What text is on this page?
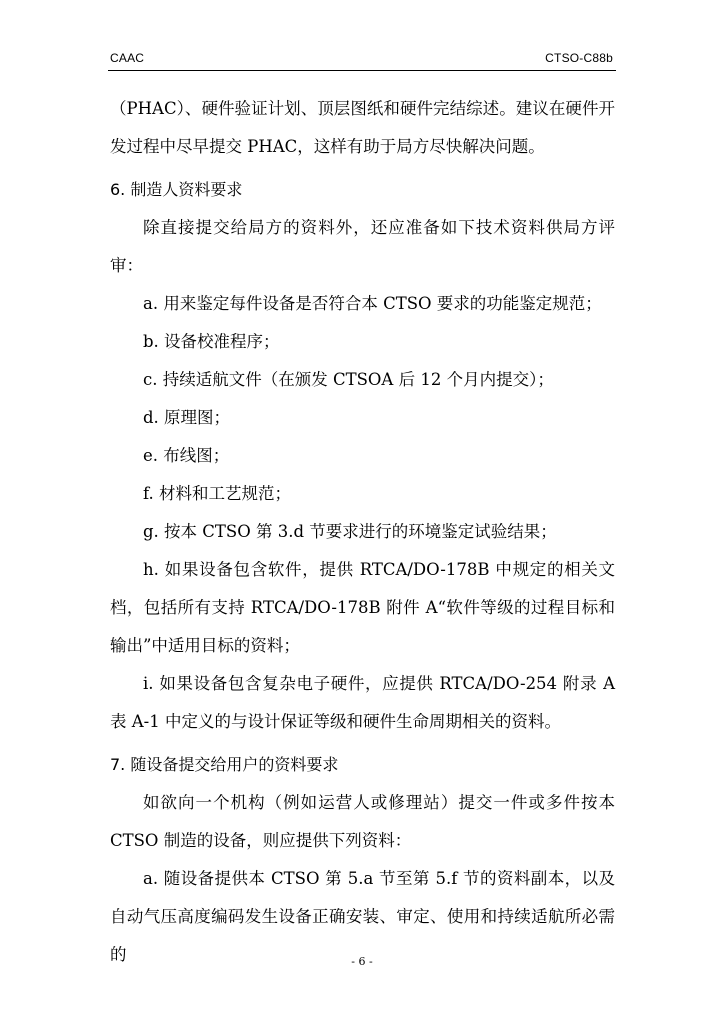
CAAC	CTSO-C88b

（PHAC）、硬件验证计划、顶层图纸和硬件完结综述。建议在硬件开发过程中尽早提交 PHAC，这样有助于局方尽快解决问题。

6. 制造人资料要求

除直接提交给局方的资料外，还应准备如下技术资料供局方评审：

a. 用来鉴定每件设备是否符合本 CTSO 要求的功能鉴定规范；

b. 设备校准程序；

c. 持续适航文件（在颁发 CTSOA 后 12 个月内提交）；

d. 原理图；

e. 布线图；

f. 材料和工艺规范；

g. 按本 CTSO 第 3.d 节要求进行的环境鉴定试验结果；

h. 如果设备包含软件，提供 RTCA/DO-178B 中规定的相关文档，包括所有支持 RTCA/DO-178B 附件 A“软件等级的过程目标和输出”中适用目标的资料；

i. 如果设备包含复杂电子硬件，应提供 RTCA/DO-254 附录 A 表 A-1 中定义的与设计保证等级和硬件生命周期相关的资料。

7. 随设备提交给用户的资料要求

如欲向一个机构（例如运营人或修理站）提交一件或多件按本 CTSO 制造的设备，则应提供下列资料：

a. 随设备提供本 CTSO 第 5.a 节至第 5.f 节的资料副本，以及自动气压高度编码发生设备正确安装、审定、使用和持续适航所必需的	- 6 -
